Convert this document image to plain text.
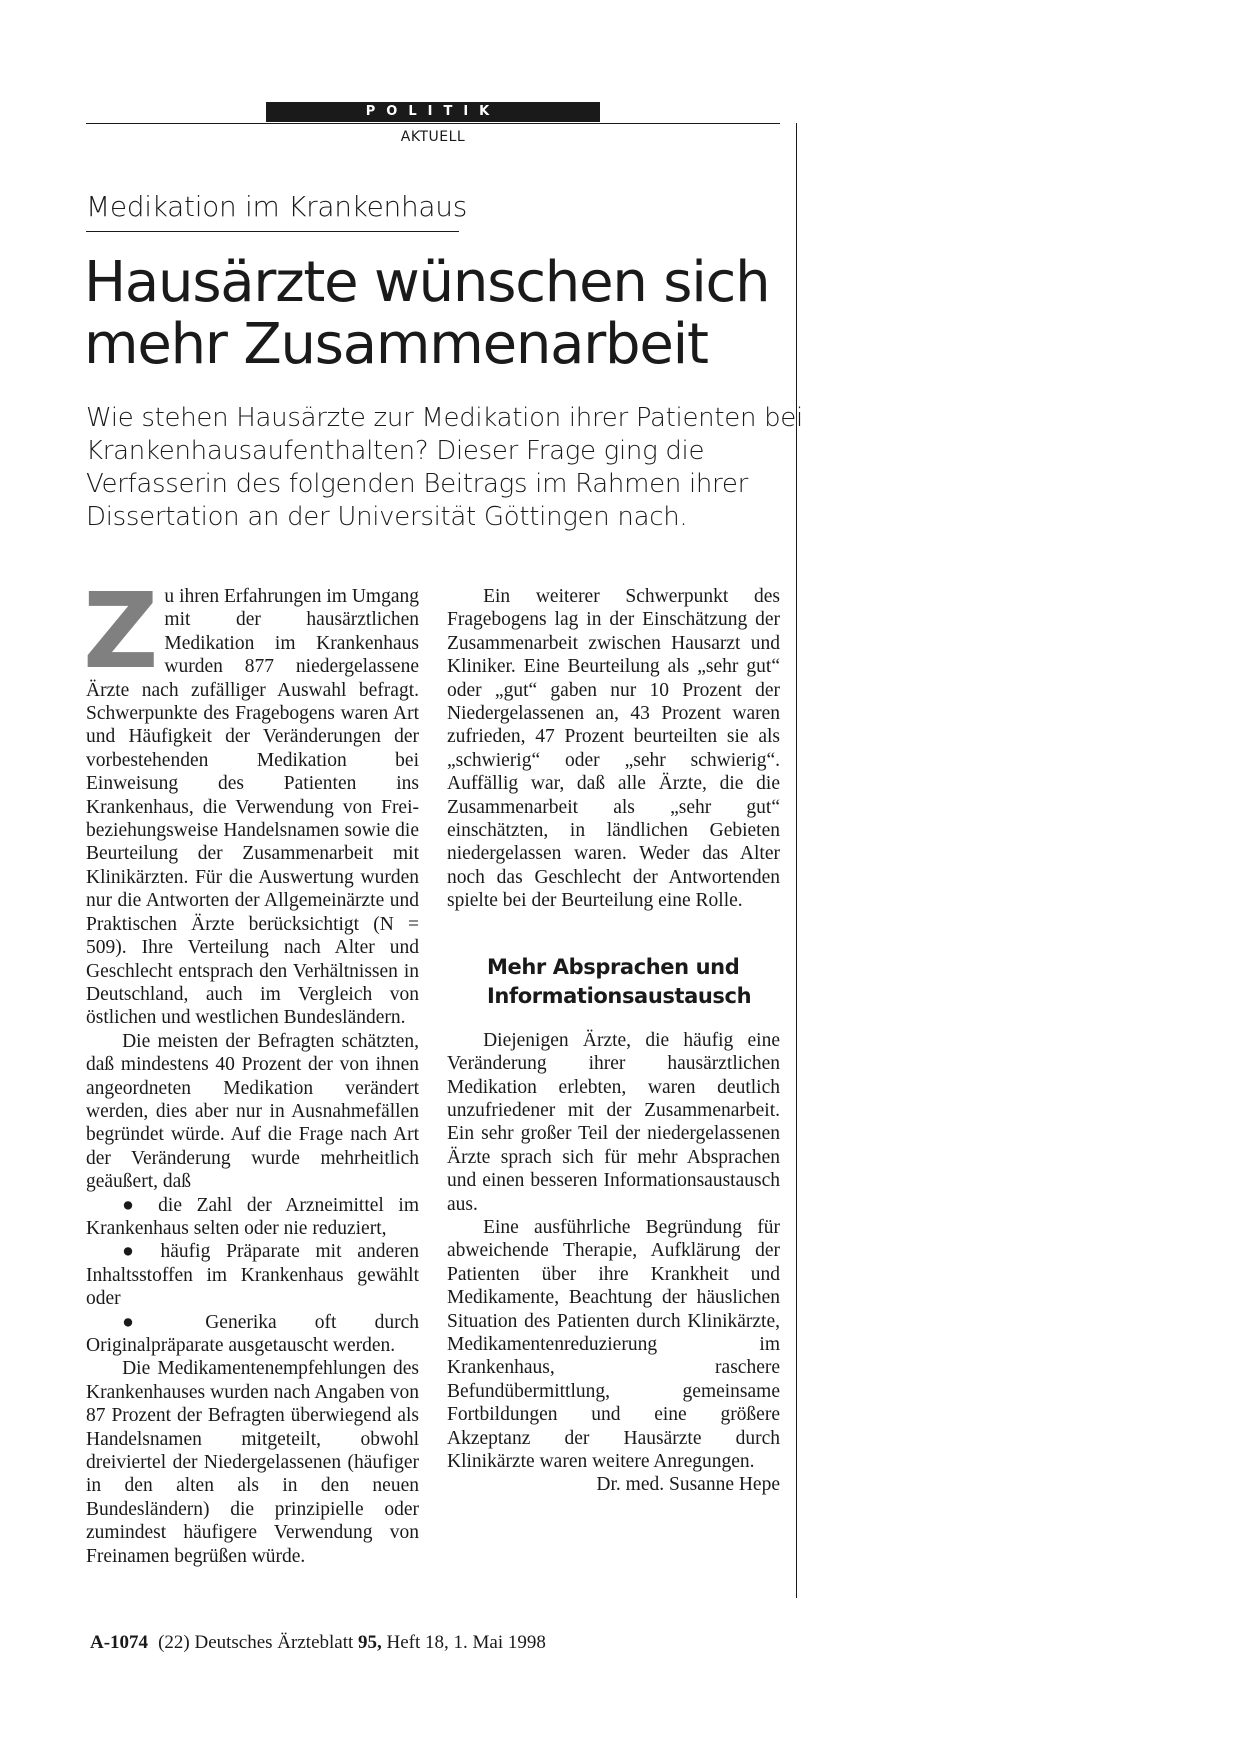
POLITIK
AKTUELL
Medikation im Krankenhaus
Hausärzte wünschen sich
mehr Zusammenarbeit

Wie stehen Hausärzte zur Medikation ihrer Patienten bei Krankenhausaufenthalten? Dieser Frage ging die Verfasserin des folgenden Beitrags im Rahmen ihrer Dissertation an der Universität Göttingen nach.

Zu ihren Erfahrungen im Umgang mit der hausärztlichen Medikation im Krankenhaus wurden 877 niedergelassene Ärzte nach zufälliger Auswahl befragt. Schwerpunkte des Fragebogens waren Art und Häufigkeit der Veränderungen der vorbestehenden Medikation bei Einweisung des Patienten ins Krankenhaus, die Verwendung von Frei- beziehungsweise Handelsnamen sowie die Beurteilung der Zusammenarbeit mit Klinikärzten. Für die Auswertung wurden nur die Antworten der Allgemeinärzte und Praktischen Ärzte berücksichtigt (N = 509). Ihre Verteilung nach Alter und Geschlecht entsprach den Verhältnissen in Deutschland, auch im Vergleich von östlichen und westlichen Bundesländern.

Die meisten der Befragten schätzten, daß mindestens 40 Prozent der von ihnen angeordneten Medikation verändert werden, dies aber nur in Ausnahmefällen begründet würde. Auf die Frage nach Art der Veränderung wurde mehrheitlich geäußert, daß

● die Zahl der Arzneimittel im Krankenhaus selten oder nie reduziert,

● häufig Präparate mit anderen Inhaltsstoffen im Krankenhaus gewählt oder

● Generika oft durch Originalpräparate ausgetauscht werden.

Die Medikamentenempfehlungen des Krankenhauses wurden nach Angaben von 87 Prozent der Befragten überwiegend als Handelsnamen mitgeteilt, obwohl dreiviertel der Niedergelassenen (häufiger in den alten als in den neuen Bundesländern) die prinzipielle oder zumindest häufigere Verwendung von Freinamen begrüßen würde.

Ein weiterer Schwerpunkt des Fragebogens lag in der Einschätzung der Zusammenarbeit zwischen Hausarzt und Kliniker. Eine Beurteilung als „sehr gut“ oder „gut“ gaben nur 10 Prozent der Niedergelassenen an, 43 Prozent waren zufrieden, 47 Prozent beurteilten sie als „schwierig“ oder „sehr schwierig“. Auffällig war, daß alle Ärzte, die die Zusammenarbeit als „sehr gut“ einschätzten, in ländlichen Gebieten niedergelassen waren. Weder das Alter noch das Geschlecht der Antwortenden spielte bei der Beurteilung eine Rolle.

Mehr Absprachen und Informationsaustausch

Diejenigen Ärzte, die häufig eine Veränderung ihrer hausärztlichen Medikation erlebten, waren deutlich unzufriedener mit der Zusammenarbeit. Ein sehr großer Teil der niedergelassenen Ärzte sprach sich für mehr Absprachen und einen besseren Informationsaustausch aus.

Eine ausführliche Begründung für abweichende Therapie, Aufklärung der Patienten über ihre Krankheit und Medikamente, Beachtung der häuslichen Situation des Patienten durch Klinikärzte, Medikamentenreduzierung im Krankenhaus, raschere Befundübermittlung, gemeinsame Fortbildungen und eine größere Akzeptanz der Hausärzte durch Klinikärzte waren weitere Anregungen.
Dr. med. Susanne Hepe

A-1074 (22) Deutsches Ärzteblatt 95, Heft 18, 1. Mai 1998
